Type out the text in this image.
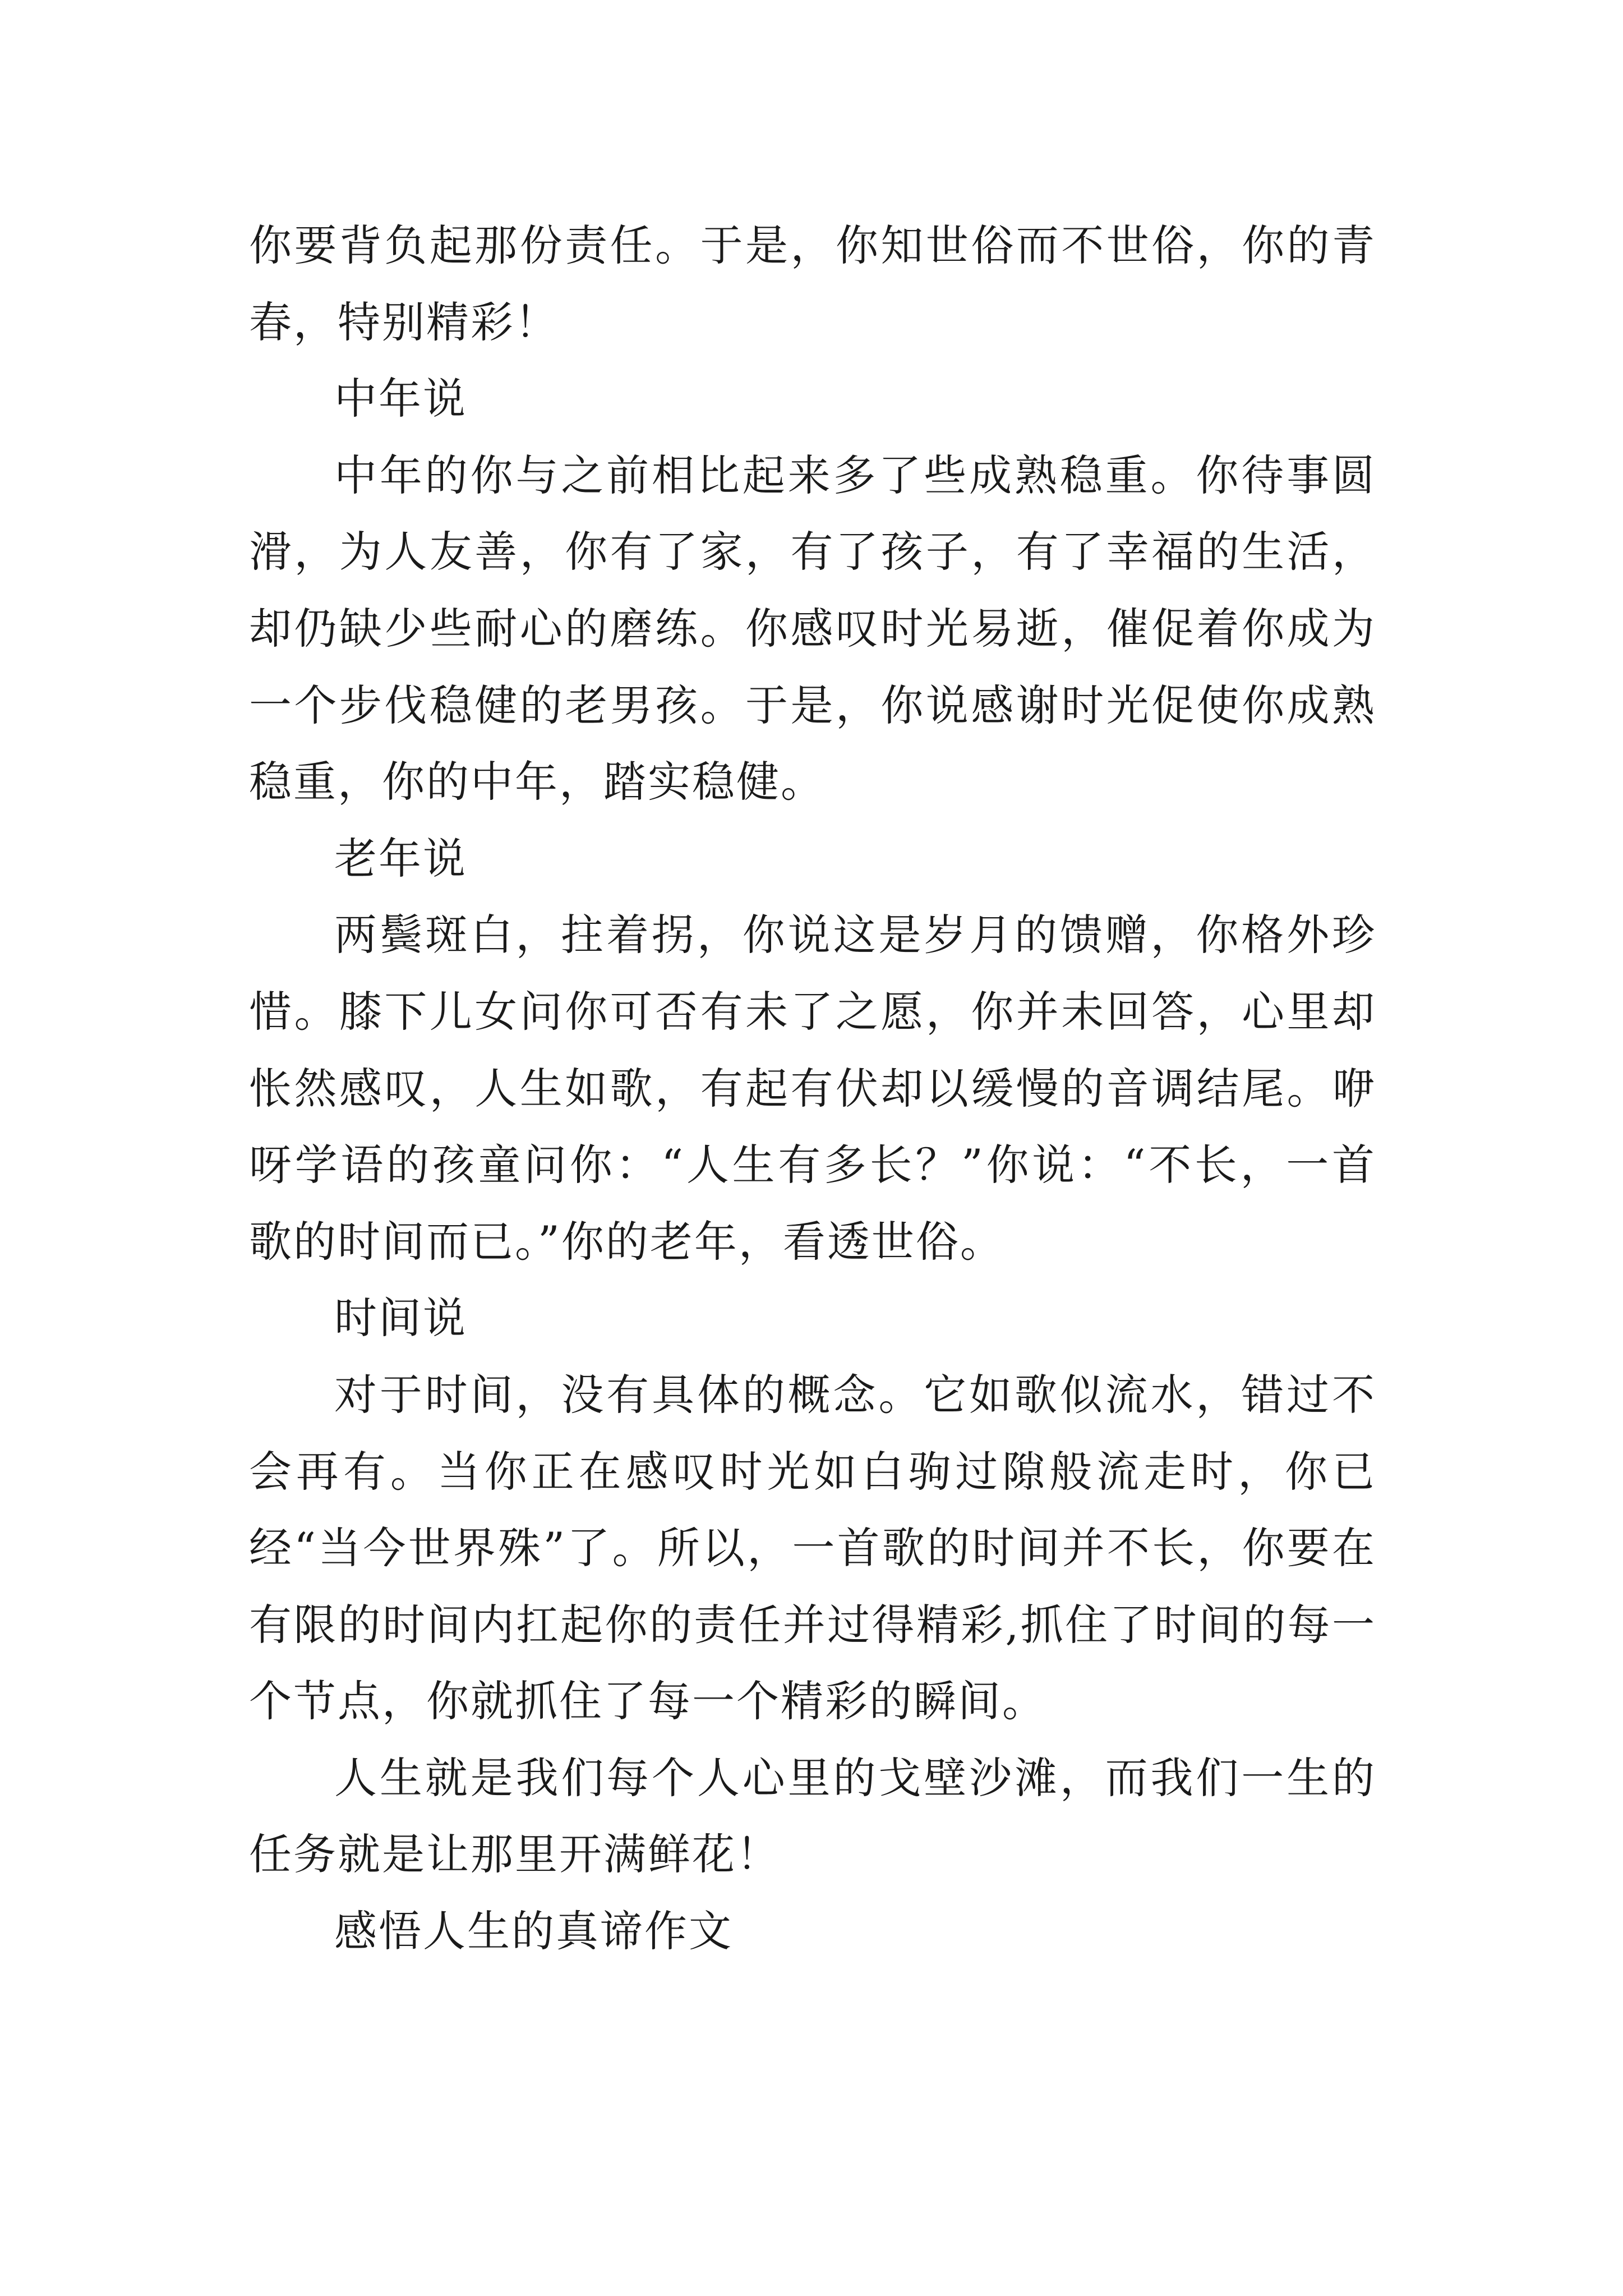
你要背负起那份责任。于是，你知世俗而不世俗，你的青春，特别精彩！

中年说

中年的你与之前相比起来多了些成熟稳重。你待事圆滑，为人友善，你有了家，有了孩子，有了幸福的生活，却仍缺少些耐心的磨练。你感叹时光易逝，催促着你成为一个步伐稳健的老男孩。于是，你说感谢时光促使你成熟稳重，你的中年，踏实稳健。

老年说

两鬓斑白，拄着拐，你说这是岁月的馈赠，你格外珍惜。膝下儿女问你可否有未了之愿，你并未回答，心里却怅然感叹，人生如歌，有起有伏却以缓慢的音调结尾。咿呀学语的孩童问你：“人生有多长？”你说：“不长，一首歌的时间而已。”你的老年，看透世俗。

时间说

对于时间，没有具体的概念。它如歌似流水，错过不会再有。当你正在感叹时光如白驹过隙般流走时，你已经“当今世界殊”了。所以，一首歌的时间并不长，你要在有限的时间内扛起你的责任并过得精彩,抓住了时间的每一个节点，你就抓住了每一个精彩的瞬间。

人生就是我们每个人心里的戈壁沙滩，而我们一生的任务就是让那里开满鲜花！

感悟人生的真谛作文
